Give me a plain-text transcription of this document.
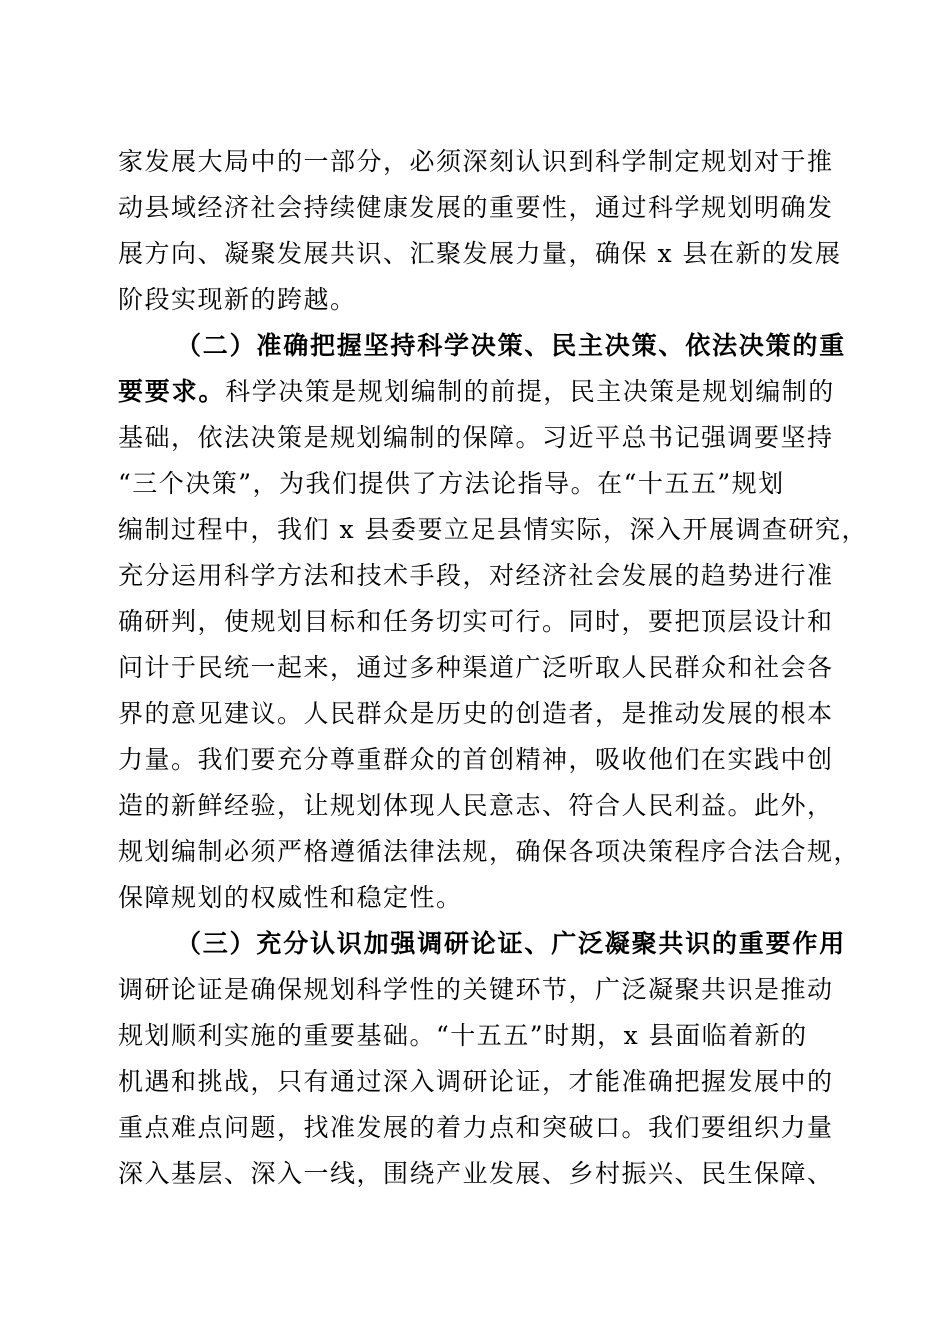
家发展大局中的一部分，必须深刻认识到科学制定规划对于推
动县域经济社会持续健康发展的重要性，通过科学规划明确发
展方向、凝聚发展共识、汇聚发展力量，确保 x 县在新的发展
阶段实现新的跨越。
（二）准确把握坚持科学决策、民主决策、依法决策的重
要要求。科学决策是规划编制的前提，民主决策是规划编制的
基础，依法决策是规划编制的保障。习近平总书记强调要坚持
“三个决策”，为我们提供了方法论指导。在“十五五”规划
编制过程中，我们 x 县委要立足县情实际，深入开展调查研究，
充分运用科学方法和技术手段，对经济社会发展的趋势进行准
确研判，使规划目标和任务切实可行。同时，要把顶层设计和
问计于民统一起来，通过多种渠道广泛听取人民群众和社会各
界的意见建议。人民群众是历史的创造者，是推动发展的根本
力量。我们要充分尊重群众的首创精神，吸收他们在实践中创
造的新鲜经验，让规划体现人民意志、符合人民利益。此外，
规划编制必须严格遵循法律法规，确保各项决策程序合法合规，
保障规划的权威性和稳定性。
（三）充分认识加强调研论证、广泛凝聚共识的重要作用
调研论证是确保规划科学性的关键环节，广泛凝聚共识是推动
规划顺利实施的重要基础。“十五五”时期，x 县面临着新的
机遇和挑战，只有通过深入调研论证，才能准确把握发展中的
重点难点问题，找准发展的着力点和突破口。我们要组织力量
深入基层、深入一线，围绕产业发展、乡村振兴、民生保障、
